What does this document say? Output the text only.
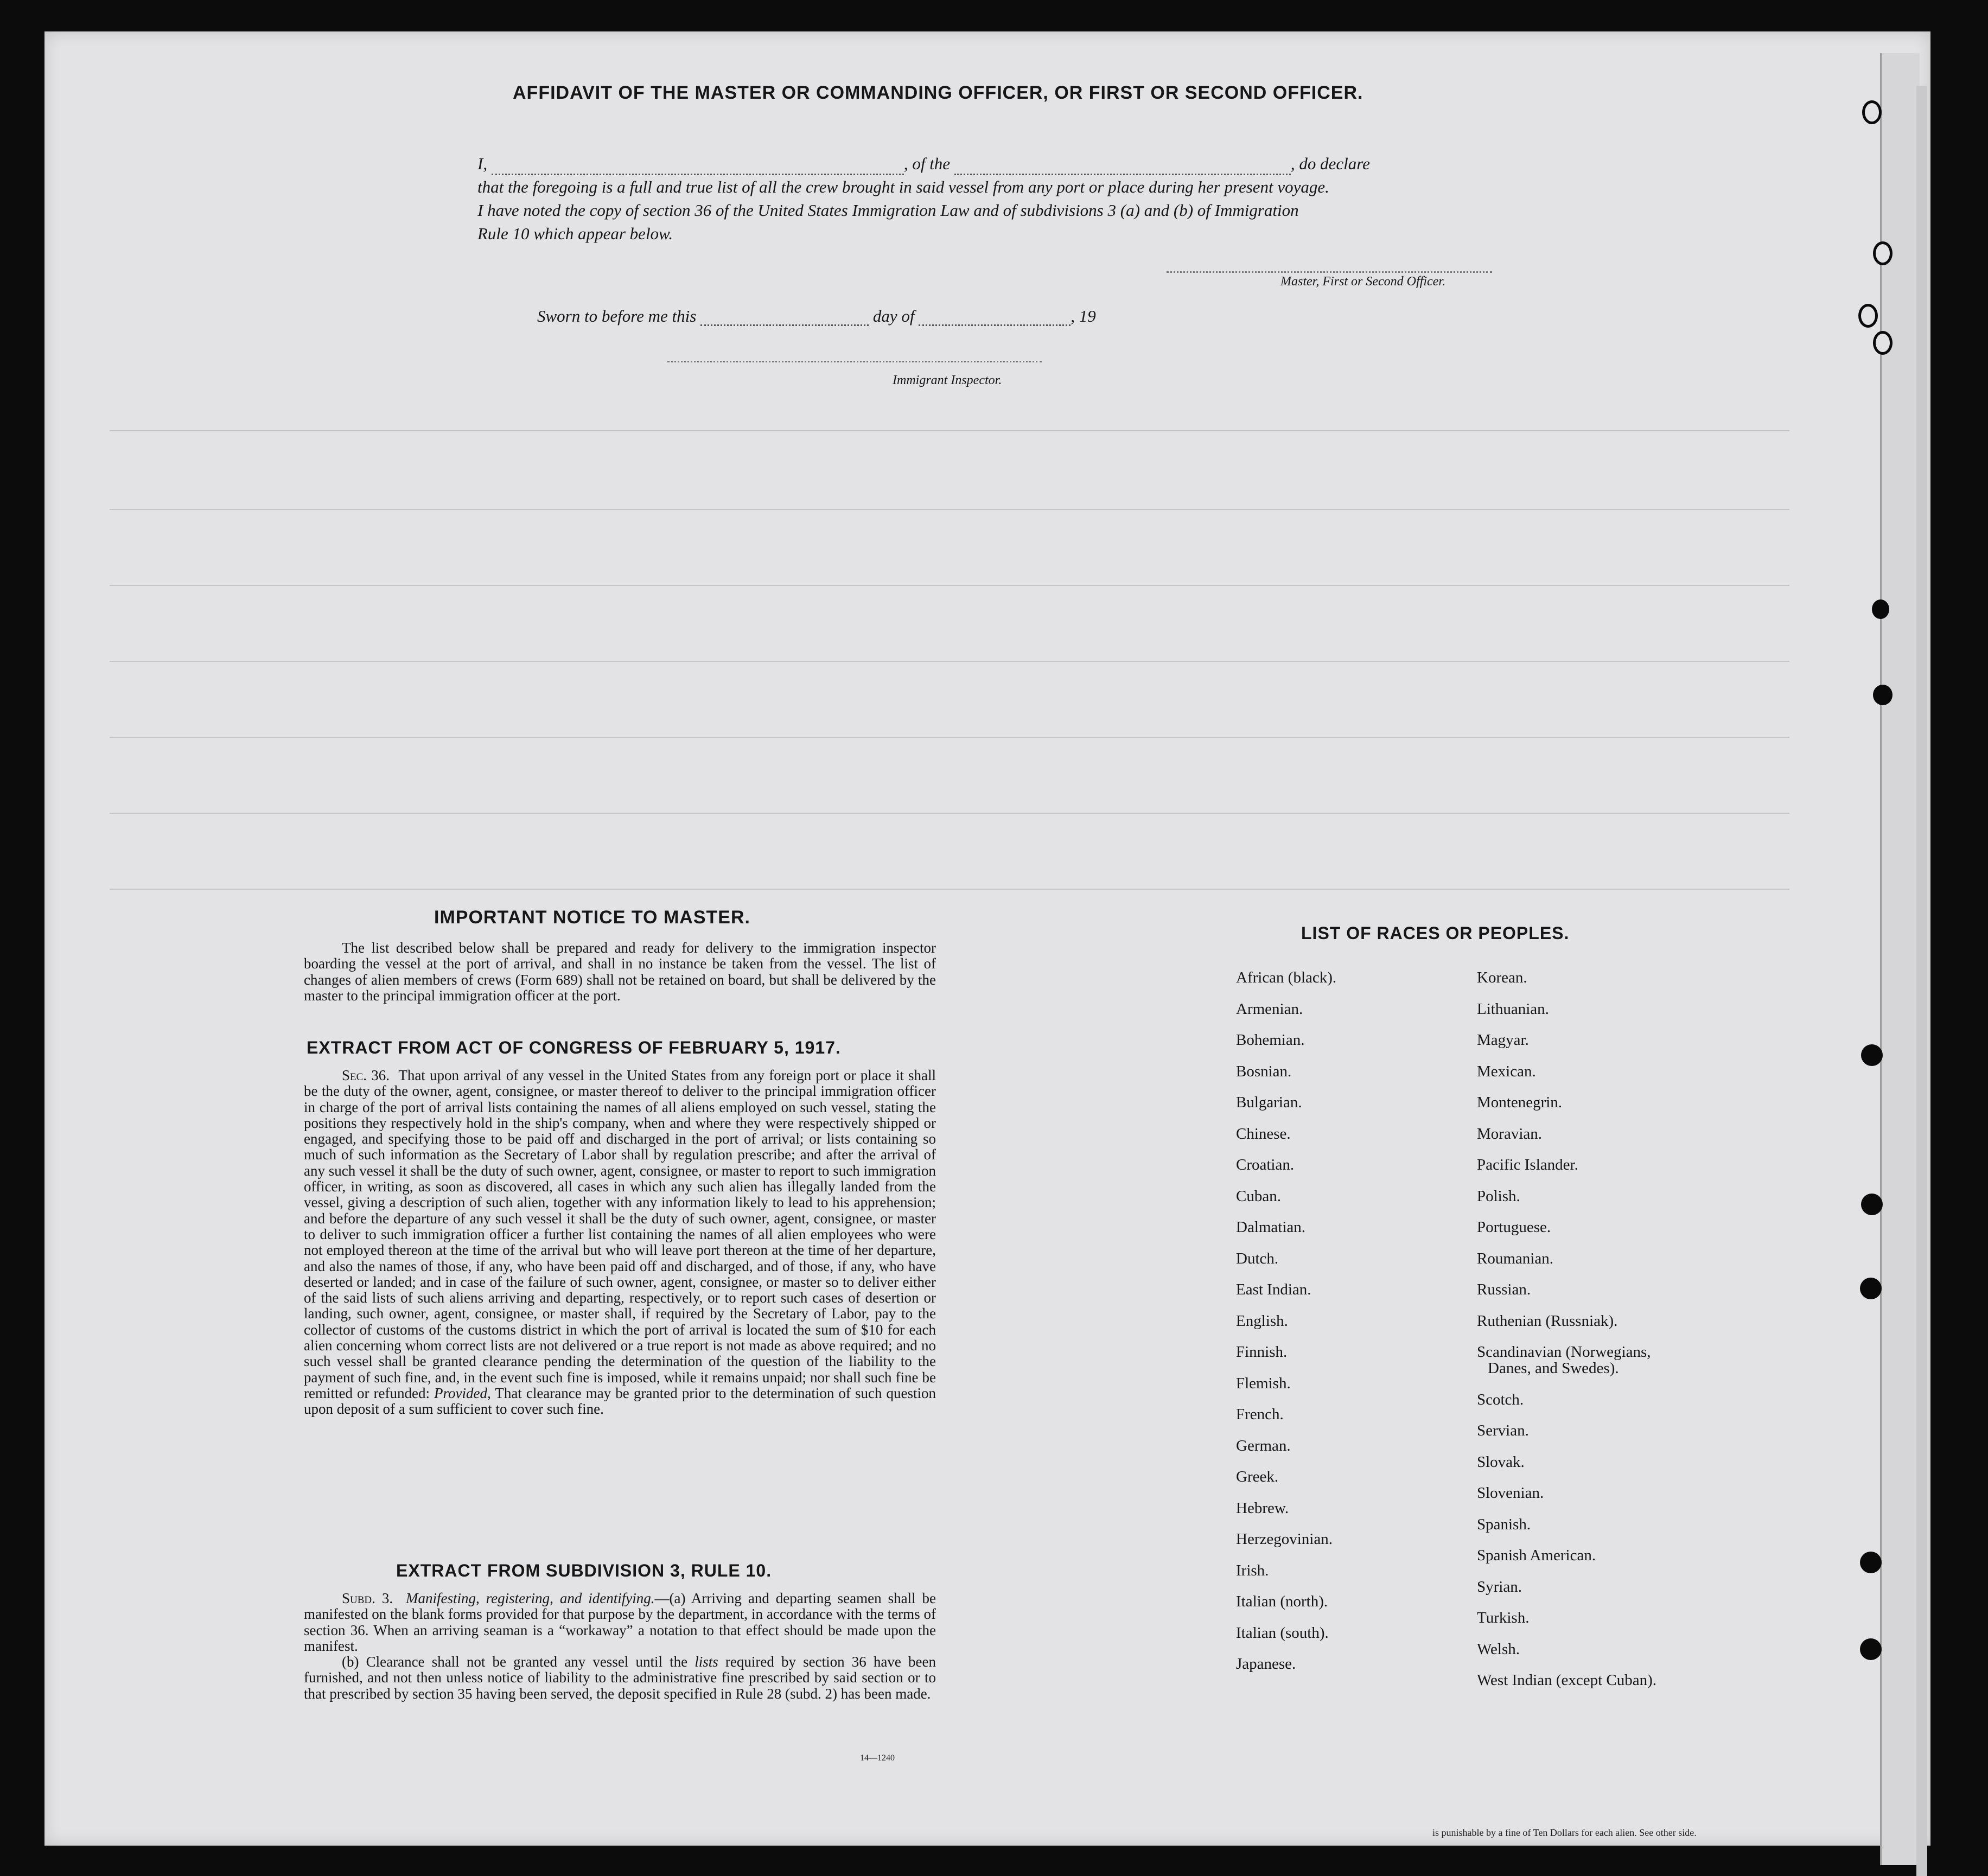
AFFIDAVIT OF THE MASTER OR COMMANDING OFFICER, OR FIRST OR SECOND OFFICER.
I,	, of the	, do declare
that the foregoing is a full and true list of all the crew brought in said vessel from any port or place during her present voyage.
I have noted the copy of section 36 of the United States Immigration Law and of subdivisions 3 (a) and (b) of Immigration
Rule 10 which appear below.
Master, First or Second Officer.
Sworn to before me this	day of	, 19
Immigrant Inspector.
IMPORTANT NOTICE TO MASTER.

The list described below shall be prepared and ready for delivery to the immigration inspector boarding the vessel at the port of arrival, and shall in no instance be taken from the vessel. The list of changes of alien members of crews (Form 689) shall not be retained on board, but shall be delivered by the master to the principal immigration officer at the port.

EXTRACT FROM ACT OF CONGRESS OF FEBRUARY 5, 1917.

Sec. 36. That upon arrival of any vessel in the United States from any foreign port or place it shall be the duty of the owner, agent, consignee, or master thereof to deliver to the principal immigration officer in charge of the port of arrival lists containing the names of all aliens employed on such vessel, stating the positions they respectively hold in the ship's company, when and where they were respectively shipped or engaged, and specifying those to be paid off and discharged in the port of arrival; or lists containing so much of such information as the Secretary of Labor shall by regulation prescribe; and after the arrival of any such vessel it shall be the duty of such owner, agent, consignee, or master to report to such immigration officer, in writing, as soon as discovered, all cases in which any such alien has illegally landed from the vessel, giving a description of such alien, together with any information likely to lead to his apprehension; and before the departure of any such vessel it shall be the duty of such owner, agent, consignee, or master to deliver to such immigration officer a further list containing the names of all alien employees who were not employed thereon at the time of the arrival but who will leave port thereon at the time of her departure, and also the names of those, if any, who have been paid off and discharged, and of those, if any, who have deserted or landed; and in case of the failure of such owner, agent, consignee, or master so to deliver either of the said lists of such aliens arriving and departing, respectively, or to report such cases of desertion or landing, such owner, agent, consignee, or master shall, if required by the Secretary of Labor, pay to the collector of customs of the customs district in which the port of arrival is located the sum of $10 for each alien concerning whom correct lists are not delivered or a true report is not made as above required; and no such vessel shall be granted clearance pending the determination of the question of the liability to the payment of such fine, and, in the event such fine is imposed, while it remains unpaid; nor shall such fine be remitted or refunded: Provided, That clearance may be granted prior to the determination of such question upon deposit of a sum sufficient to cover such fine.

EXTRACT FROM SUBDIVISION 3, RULE 10.

Subd. 3. Manifesting, registering, and identifying.—(a) Arriving and departing seamen shall be manifested on the blank forms provided for that purpose by the department, in accordance with the terms of section 36. When an arriving seaman is a “workaway” a notation to that effect should be made upon the manifest.

(b) Clearance shall not be granted any vessel until the lists required by section 36 have been furnished, and not then unless notice of liability to the administrative fine prescribed by said section or to that prescribed by section 35 having been served, the deposit specified in Rule 28 (subd. 2) has been made.

14—1240
LIST OF RACES OR PEOPLES.
African (black).
Armenian.
Bohemian.
Bosnian.
Bulgarian.
Chinese.
Croatian.
Cuban.
Dalmatian.
Dutch.
East Indian.
English.
Finnish.
Flemish.
French.
German.
Greek.
Hebrew.
Herzegovinian.
Irish.
Italian (north).
Italian (south).
Japanese.
Korean.
Lithuanian.
Magyar.
Mexican.
Montenegrin.
Moravian.
Pacific Islander.
Polish.
Portuguese.
Roumanian.
Russian.
Ruthenian (Russniak).
Scandinavian (Norwegians,
Danes, and Swedes).
Scotch.
Servian.
Slovak.
Slovenian.
Spanish.
Spanish American.
Syrian.
Turkish.
Welsh.
West Indian (except Cuban).
is punishable by a fine of Ten Dollars for each alien. See other side.
